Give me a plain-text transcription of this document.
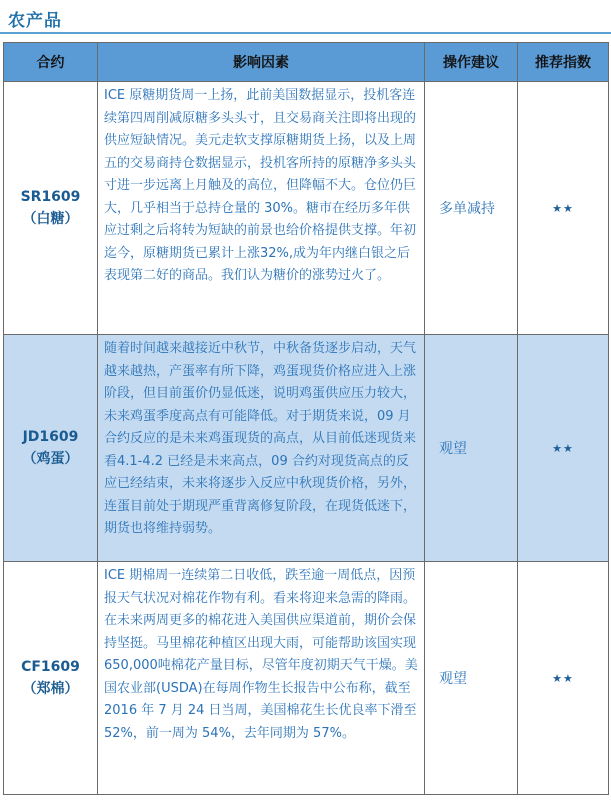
农产品
合约	影响因素	操作建议	推荐指数

SR1609
（白糖）	ICE 原糖期货周一上扬，此前美国数据显示，投机客连续第四周削减原糖多头头寸，且交易商关注即将出现的供应短缺情况。美元走软支撑原糖期货上扬，以及上周五的交易商持仓数据显示，投机客所持的原糖净多头头寸进一步远离上月触及的高位，但降幅不大。仓位仍巨大，几乎相当于总持仓量的 30%。糖市在经历多年供应过剩之后将转为短缺的前景也给价格提供支撑。年初迄今，原糖期货已累计上涨32%,成为年内继白银之后表现第二好的商品。我们认为糖价的涨势过火了。	多单减持	★★

JD1609
（鸡蛋）	随着时间越来越接近中秋节，中秋备货逐步启动，天气越来越热，产蛋率有所下降，鸡蛋现货价格应进入上涨阶段，但目前蛋价仍显低迷，说明鸡蛋供应压力较大，未来鸡蛋季度高点有可能降低。对于期货来说，09 月合约反应的是未来鸡蛋现货的高点，从目前低迷现货来看4.1-4.2 已经是未来高点，09 合约对现货高点的反应已经结束，未来将逐步入反应中秋现货价格，另外，连蛋目前处于期现严重背离修复阶段，在现货低迷下，期货也将维持弱势。	观望	★★

CF1609
（郑棉）	ICE 期棉周一连续第二日收低，跌至逾一周低点，因预报天气状况对棉花作物有利。看来将迎来急需的降雨。在未来两周更多的棉花进入美国供应渠道前，期价会保持坚挺。马里棉花种植区出现大雨，可能帮助该国实现 650,000吨棉花产量目标，尽管年度初期天气干燥。美国农业部(USDA)在每周作物生长报告中公布称，截至 2016 年 7 月 24 日当周，美国棉花生长优良率下滑至 52%，前一周为 54%，去年同期为 57%。	观望	★★
